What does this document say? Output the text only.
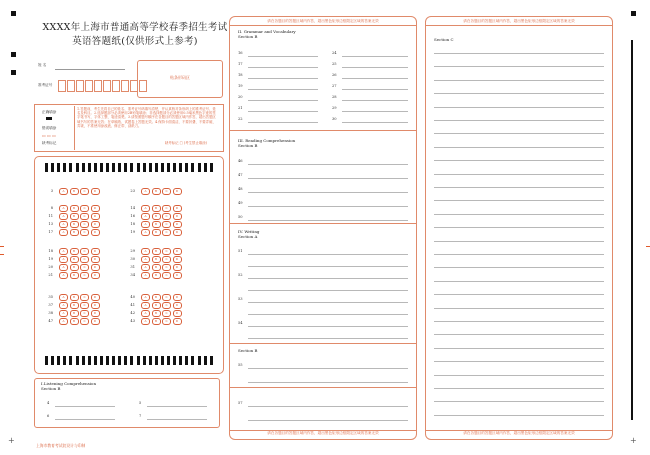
+	+
XXXX年上海市普通高等学校春季招生考试
英语答题纸(仅供形式上参考)
姓 名
准考证号
贴条形码区
正确填涂
错误填涂
▭ ▭ ▭
缺考标记
1.答题前，考生先将自己的姓名、准考证号码填写清楚，并认真核对条形码上的准考证号、姓名及科目。2.选择题部分必须使用2B铅笔填涂；非选择题部分必须使用0.5毫米黑色字迹的签字笔书写，字体工整、笔迹清楚。3.请按照题号顺序在各题目的答题区域内作答，超出答题区域书写的答案无效；在草稿纸、试题卷上答题无效。4.保持卡面清洁，不要折叠、不要弄破、弄皱，不准使用涂改液、修正带、刮纸刀。
缺考标记 □ (考生禁止填涂)
3	A	B	C	D	23	A	B	C	D
8	A	B	C	D	14	A	B	C	D
11	A	B	C	D	16	A	B	C	D
13	A	B	C	D	18	A	B	C	D
17	A	B	C	D	19	A	B	C	D
18	A	B	C	D	29	A	B	C	D
19	A	B	C	D	30	A	B	C	D
20	A	B	C	D	31	A	B	C	D
21	A	B	C	D	34	A	B	C	D
35	A	B	C	D	40	A	B	C	D
37	A	B	C	D	41	A	B	C	D
38	A	B	C	D	42	A	B	C	D
47	A	B	C	D	43	A	B	C	D
I.Listening Comprehension
Section B
4	5
6	7
上海市教育考试院设计与印制
请在各题目的答题区域内作答，超出黑色矩形边框限定区域的答案无效
请在各题目的答题区域内作答，超出黑色矩形边框限定区域的答案无效
II. Grammar and Vocabulary
Section B
16	24
17	25
18	26
19	27
20	28
21	29
22	30
III. Reading Comprehension
Section B
46
47
48
49
50
IV. Writing
Section A
51
52
53
54
Section B
55
57
请在各题目的答题区域内作答，超出黑色矩形边框限定区域的答案无效
请在各题目的答题区域内作答，超出黑色矩形边框限定区域的答案无效
Section C
